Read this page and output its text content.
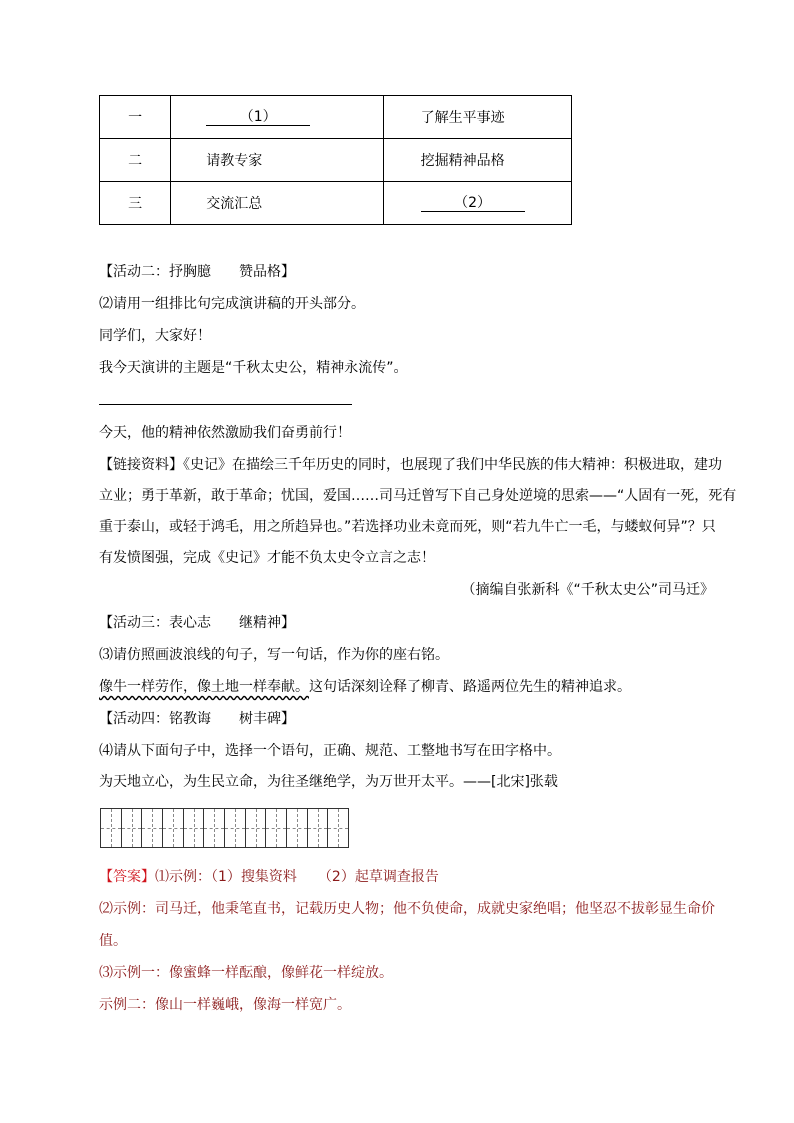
一	（1）	了解生平事迹
二	请教专家	挖掘精神品格
三	交流汇总	（2）
【活动二：抒胸臆　　赞品格】
⑵请用一组排比句完成演讲稿的开头部分。
同学们，大家好！
我今天演讲的主题是“千秋太史公，精神永流传”。
今天，他的精神依然激励我们奋勇前行！
【链接资料】《史记》在描绘三千年历史的同时，也展现了我们中华民族的伟大精神：积极进取，建功
立业；勇于革新，敢于革命；忧国，爱国……司马迁曾写下自己身处逆境的思索——“人固有一死，死有
重于泰山，或轻于鸿毛，用之所趋异也。”若选择功业未竟而死，则“若九牛亡一毛，与蝼蚁何异”？只
有发愤图强，完成《史记》才能不负太史令立言之志！
（摘编自张新科《“千秋太史公”司马迁》
【活动三：表心志　　继精神】
⑶请仿照画波浪线的句子，写一句话，作为你的座右铭。
像牛一样劳作，像土地一样奉献。这句话深刻诠释了柳青、路遥两位先生的精神追求。
【活动四：铭教诲　　树丰碑】
⑷请从下面句子中，选择一个语句，正确、规范、工整地书写在田字格中。
为天地立心，为生民立命，为往圣继绝学，为万世开太平。——[北宋]张载
【答案】⑴示例：（1）搜集资料　　（2）起草调查报告
⑵示例：司马迁，他秉笔直书，记载历史人物；他不负使命，成就史家绝唱；他坚忍不拔彰显生命价
值。
⑶示例一：像蜜蜂一样酝酿，像鲜花一样绽放。
示例二：像山一样巍峨，像海一样宽广。
